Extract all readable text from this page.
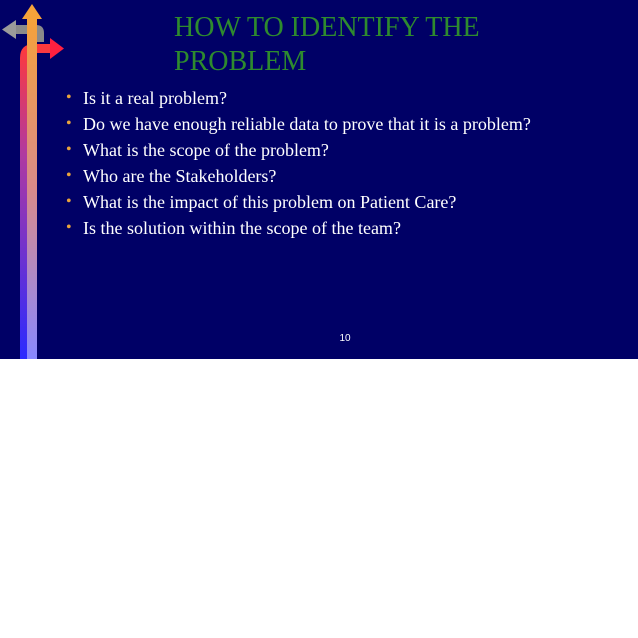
HOW TO IDENTIFY THE
PROBLEM
• Is it a real problem?
• Do we have enough reliable data to prove that it is a problem?
• What is the scope of the problem?
• Who are the Stakeholders?
• What is the impact of this problem on Patient Care?
• Is the solution within the scope of the team?
10
